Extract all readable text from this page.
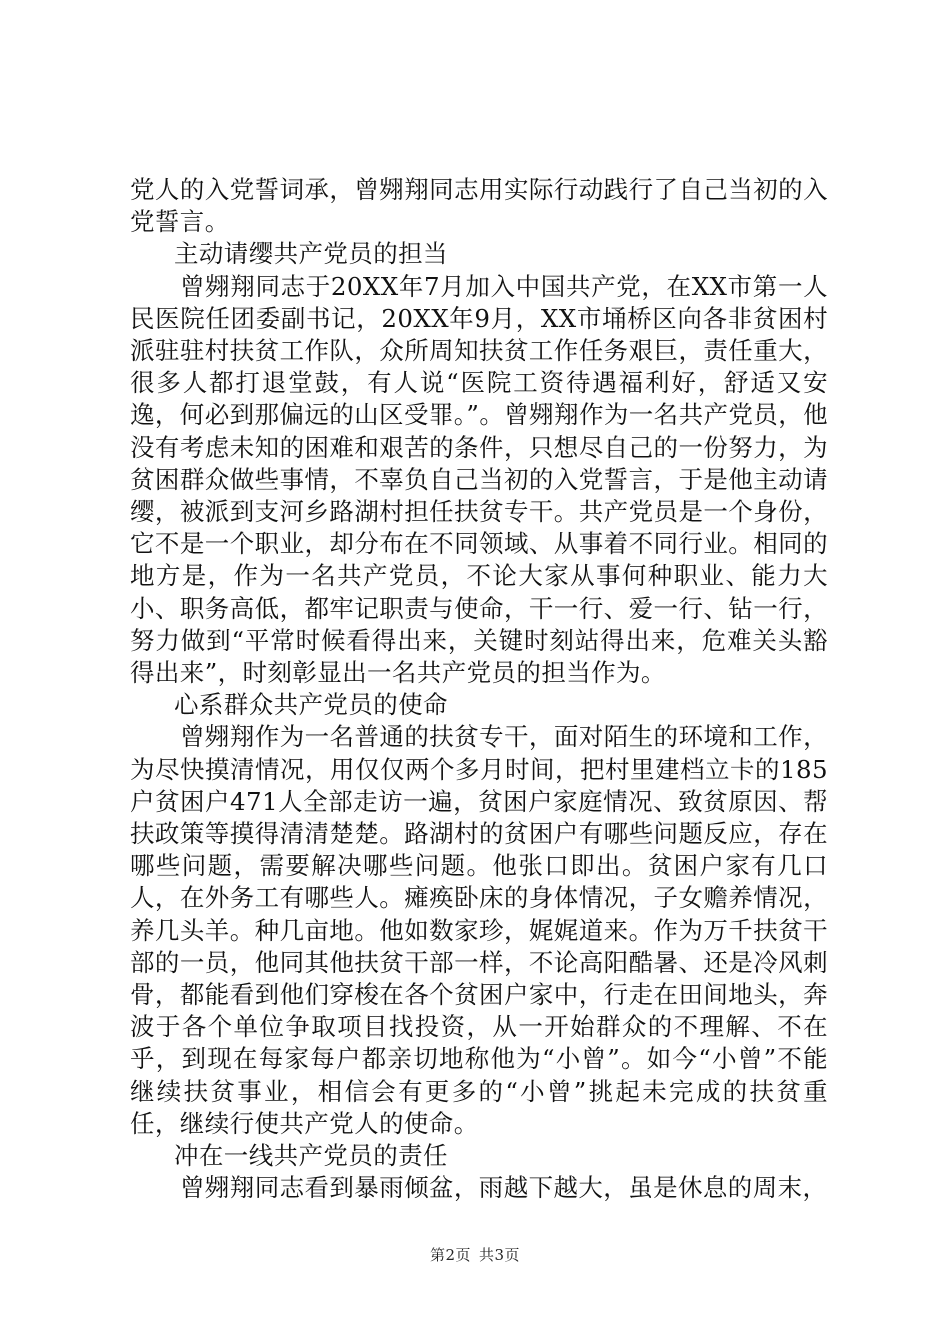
党人的入党誓词承，曾翙翔同志用实际行动践行了自己当初的入党誓言。

主动请缨共产党员的担当

曾翙翔同志于20XX年7月加入中国共产党，在XX市第一人民医院任团委副书记，20XX年9月，XX市埇桥区向各非贫困村派驻驻村扶贫工作队，众所周知扶贫工作任务艰巨，责任重大，很多人都打退堂鼓，有人说“医院工资待遇福利好，舒适又安逸，何必到那偏远的山区受罪。”。曾翙翔作为一名共产党员，他没有考虑未知的困难和艰苦的条件，只想尽自己的一份努力，为贫困群众做些事情，不辜负自己当初的入党誓言，于是他主动请缨，被派到支河乡路湖村担任扶贫专干。共产党员是一个身份，它不是一个职业，却分布在不同领域、从事着不同行业。相同的地方是，作为一名共产党员，不论大家从事何种职业、能力大小、职务高低，都牢记职责与使命，干一行、爱一行、钻一行，努力做到“平常时候看得出来，关键时刻站得出来，危难关头豁得出来”，时刻彰显出一名共产党员的担当作为。

心系群众共产党员的使命

曾翙翔作为一名普通的扶贫专干，面对陌生的环境和工作，为尽快摸清情况，用仅仅两个多月时间，把村里建档立卡的185户贫困户471人全部走访一遍，贫困户家庭情况、致贫原因、帮扶政策等摸得清清楚楚。路湖村的贫困户有哪些问题反应，存在哪些问题，需要解决哪些问题。他张口即出。贫困户家有几口人，在外务工有哪些人。瘫痪卧床的身体情况，子女赡养情况，养几头羊。种几亩地。他如数家珍，娓娓道来。作为万千扶贫干部的一员，他同其他扶贫干部一样，不论高阳酷暑、还是冷风刺骨，都能看到他们穿梭在各个贫困户家中，行走在田间地头，奔波于各个单位争取项目找投资，从一开始群众的不理解、不在乎，到现在每家每户都亲切地称他为“小曾”。如今“小曾”不能继续扶贫事业，相信会有更多的“小曾”挑起未完成的扶贫重任，继续行使共产党人的使命。

冲在一线共产党员的责任

曾翙翔同志看到暴雨倾盆，雨越下越大，虽是休息的周末，

第2页 共3页
